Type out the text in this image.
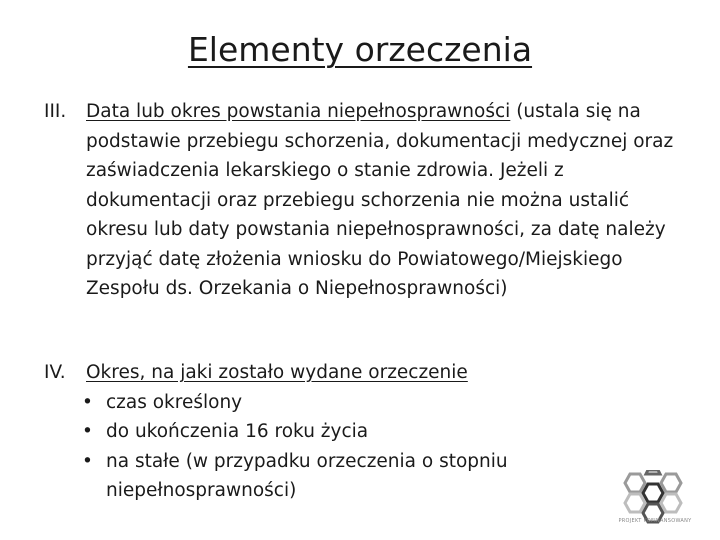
Elementy orzeczenia
III. Data lub okres powstania niepełnosprawności (ustala się na podstawie przebiegu schorzenia, dokumentacji medycznej oraz zaświadczenia lekarskiego o stanie zdrowia. Jeżeli z dokumentacji oraz przebiegu schorzenia nie można ustalić okresu lub daty powstania niepełnosprawności, za datę należy przyjąć datę złożenia wniosku do Powiatowego/Miejskiego Zespołu ds. Orzekania o Niepełnosprawności)
IV. Okres, na jaki zostało wydane orzeczenie
• czas określony
• do ukończenia 16 roku życia
• na stałe (w przypadku orzeczenia o stopniu niepełnosprawności)
PROJEKT KOFINANSOWANY
